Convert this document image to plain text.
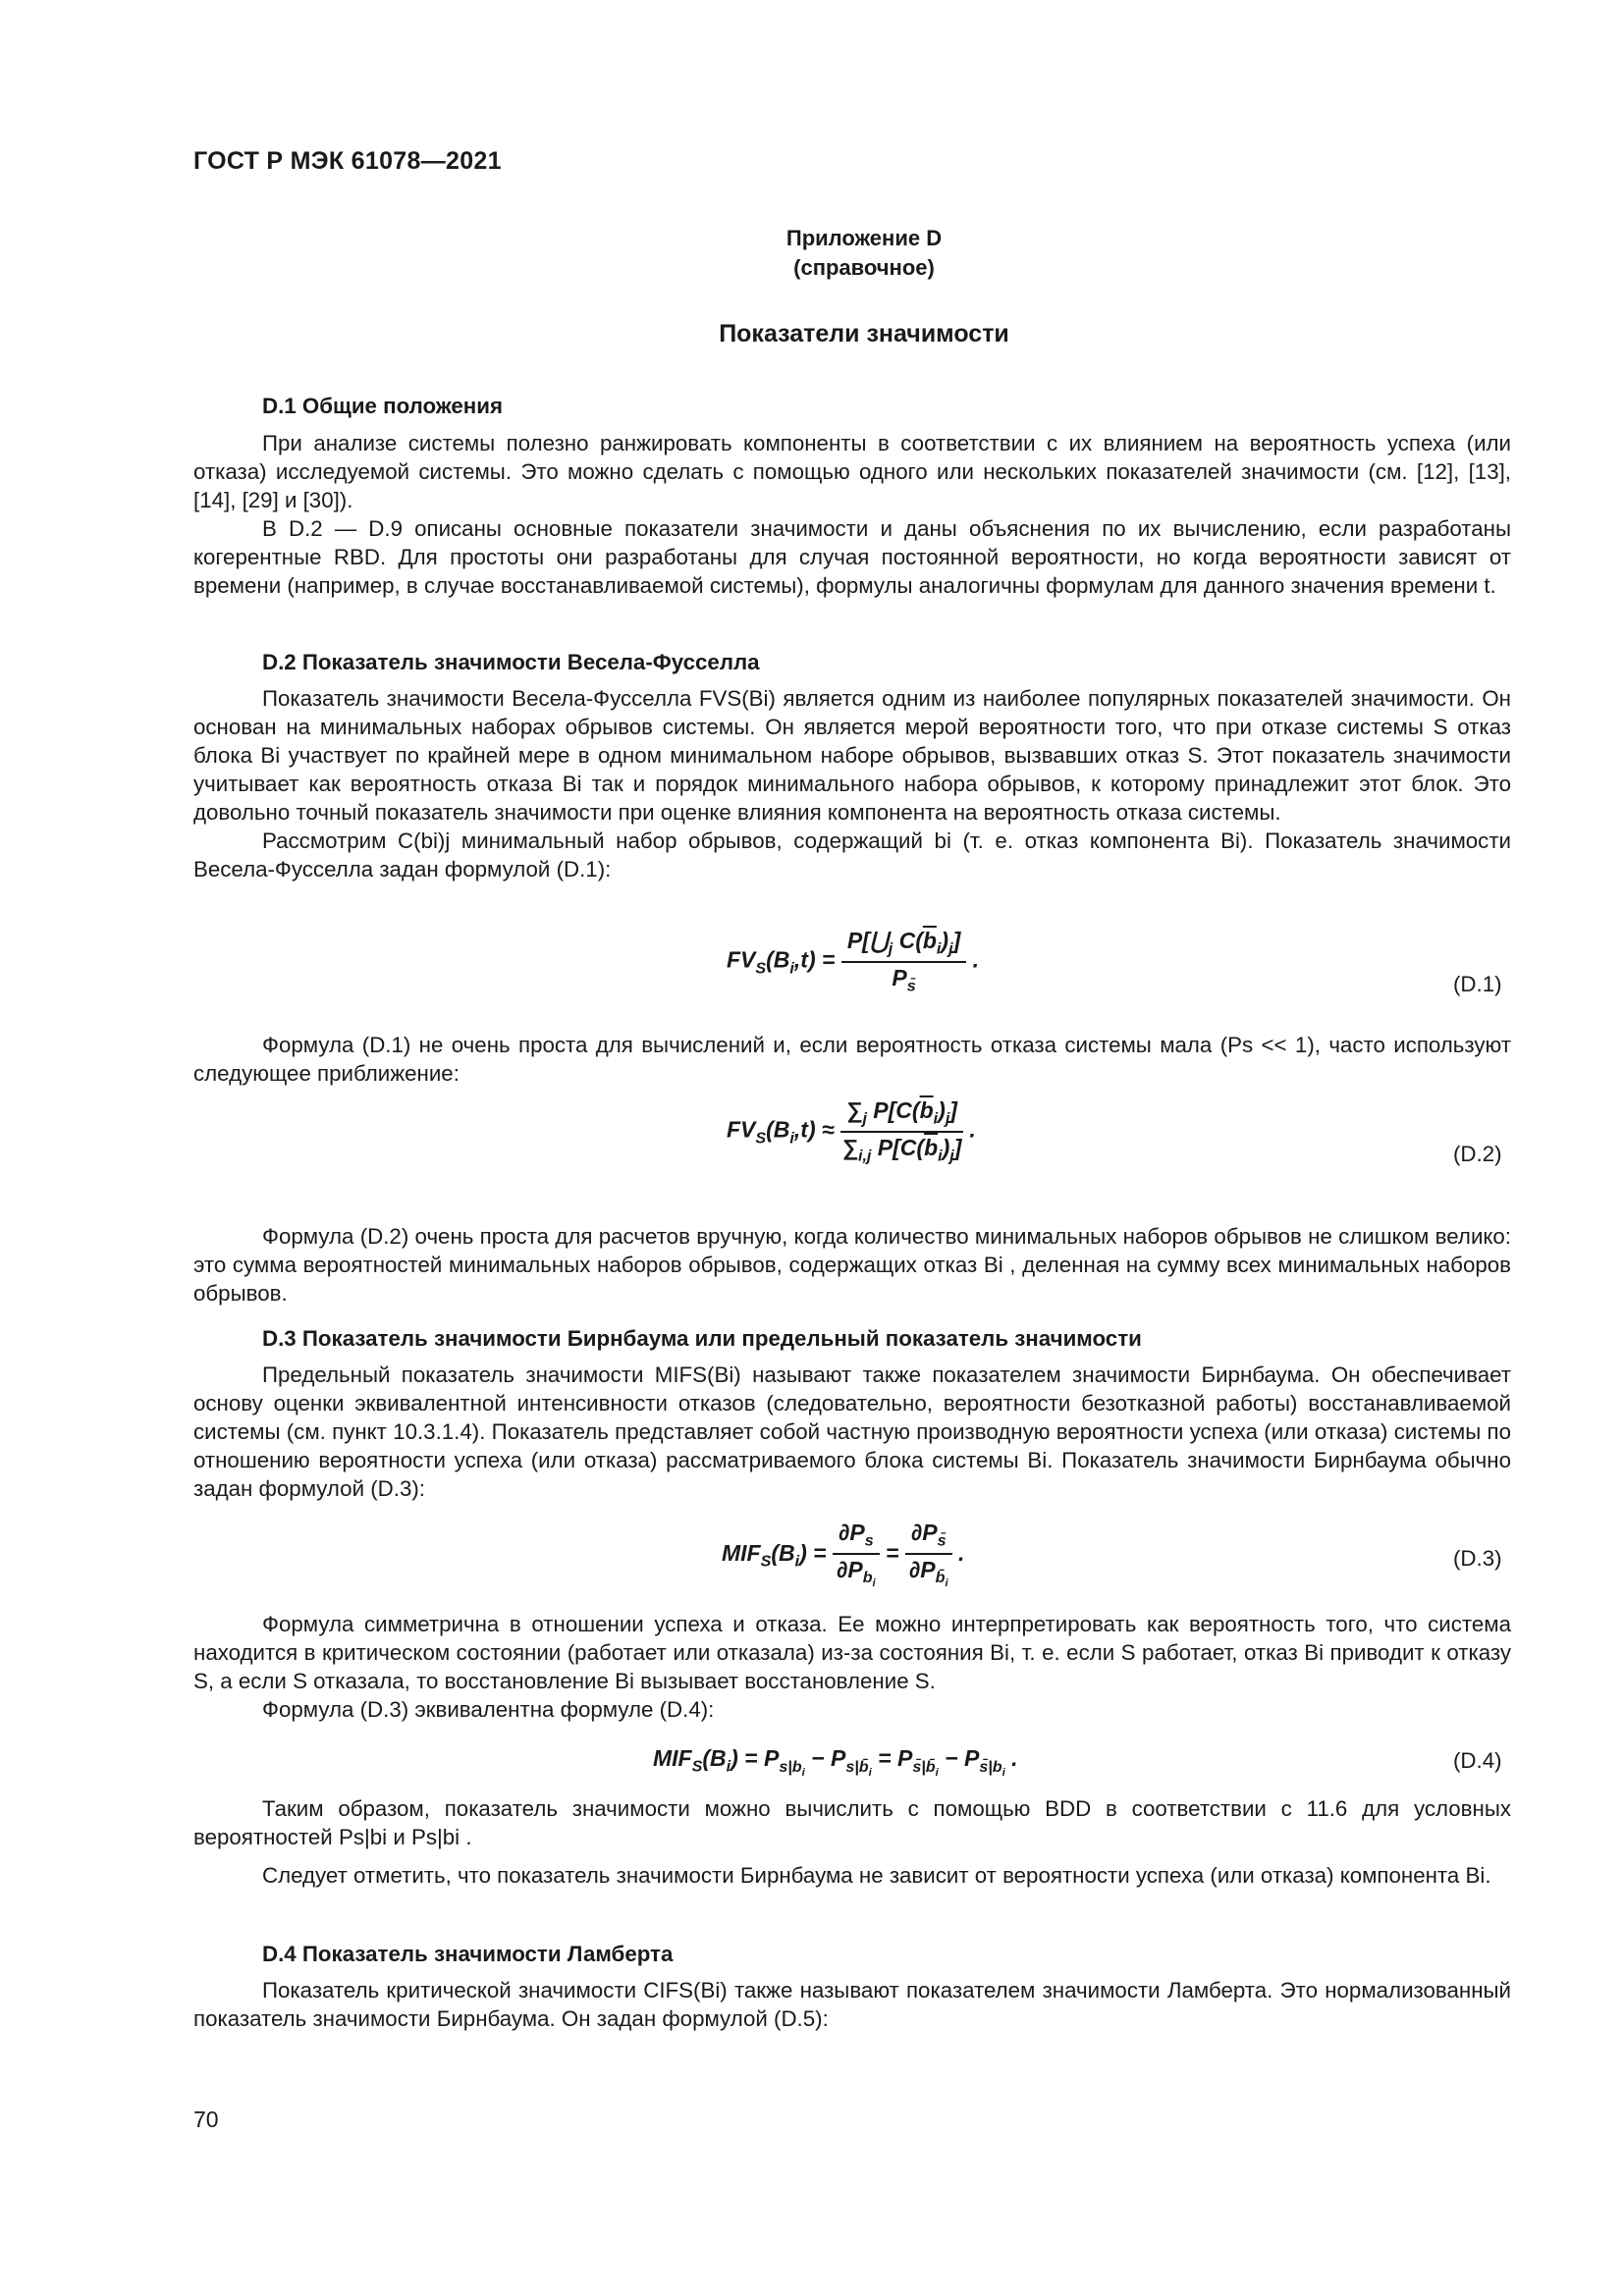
ГОСТ Р МЭК 61078—2021
Приложение D
(справочное)
Показатели значимости
D.1 Общие положения

При анализе системы полезно ранжировать компоненты в соответствии с их влиянием на вероятность успеха (или отказа) исследуемой системы. Это можно сделать с помощью одного или нескольких показателей значимости (см. [12], [13], [14], [29] и [30]).

В D.2 — D.9 описаны основные показатели значимости и даны объяснения по их вычислению, если разработаны когерентные RBD. Для простоты они разработаны для случая постоянной вероятности, но когда вероятности зависят от времени (например, в случае восстанавливаемой системы), формулы аналогичны формулам для данного значения времени t.

D.2 Показатель значимости Весела-Фусселла

Показатель значимости Весела-Фусселла FVS(Bi) является одним из наиболее популярных показателей значимости. Он основан на минимальных наборах обрывов системы. Он является мерой вероятности того, что при отказе системы S отказ блока Bi участвует по крайней мере в одном минимальном наборе обрывов, вызвавших отказ S. Этот показатель значимости учитывает как вероятность отказа Bi так и порядок минимального набора обрывов, к которому принадлежит этот блок. Это довольно точный показатель значимости при оценке влияния компонента на вероятность отказа системы.

Рассмотрим C(bi)j минимальный набор обрывов, содержащий bi (т. е. отказ компонента Bi). Показатель значимости Весела-Фусселла задан формулой (D.1):

$FV_S(B_i,t) = \frac{P[⋃_j C(\overline{b}_i)_j]}{P_{s̄}}$ .
(D.1)

Формула (D.1) не очень проста для вычислений и, если вероятность отказа системы мала (Ps << 1), часто используют следующее приближение:

$FV_S(B_i,t) \approx \frac{\sum_j P[C(\overline{b}_i)_j]}{\sum_{i,j} P[C(\overline{b}_i)_j]}$ .
(D.2)

Формула (D.2) очень проста для расчетов вручную, когда количество минимальных наборов обрывов не слишком велико: это сумма вероятностей минимальных наборов обрывов, содержащих отказ Bi , деленная на сумму всех минимальных наборов обрывов.

D.3 Показатель значимости Бирнбаума или предельный показатель значимости

Предельный показатель значимости MIFS(Bi) называют также показателем значимости Бирнбаума. Он обеспечивает основу оценки эквивалентной интенсивности отказов (следовательно, вероятности безотказной работы) восстанавливаемой системы (см. пункт 10.3.1.4). Показатель представляет собой частную производную вероятности успеха (или отказа) системы по отношению вероятности успеха (или отказа) рассматриваемого блока системы Bi. Показатель значимости Бирнбаума обычно задан формулой (D.3):

$MIF_S(B_i) = \frac{\partial P_s}{\partial P_{b_i}} = \frac{\partial P_{s̄}}{\partial P_{b̄_i}}$ .	(D.3)

Формула симметрична в отношении успеха и отказа. Ее можно интерпретировать как вероятность того, что система находится в критическом состоянии (работает или отказала) из-за состояния Bi, т. е. если S работает, отказ Bi приводит к отказу S, а если S отказала, то восстановление Bi вызывает восстановление S.

Формула (D.3) эквивалентна формуле (D.4):

$MIF_S(B_i) = P_{s|b_i} - P_{s|b̄_i} = P_{s̄|b̄_i} - P_{s̄|b_i}$ .	(D.4)

Таким образом, показатель значимости можно вычислить с помощью BDD в соответствии с 11.6 для условных вероятностей Ps|bi и Ps|bi .

Следует отметить, что показатель значимости Бирнбаума не зависит от вероятности успеха (или отказа) компонента Bi.

D.4 Показатель значимости Ламберта

Показатель критической значимости CIFS(Bi) также называют показателем значимости Ламберта. Это нормализованный показатель значимости Бирнбаума. Он задан формулой (D.5):

70
